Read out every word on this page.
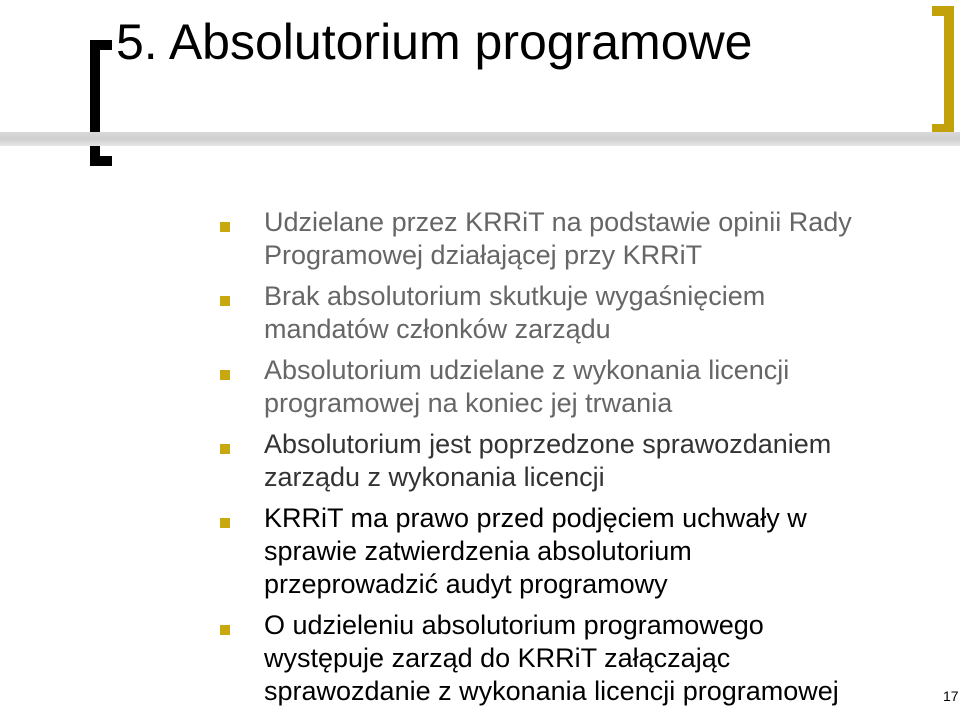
5. Absolutorium programowe
Udzielane przez KRRiT na podstawie opinii Rady
Programowej działającej przy KRRiT
Brak absolutorium skutkuje wygaśnięciem
mandatów członków zarządu
Absolutorium udzielane z wykonania licencji
programowej na koniec jej trwania
Absolutorium jest poprzedzone sprawozdaniem
zarządu z wykonania licencji
KRRiT ma prawo przed podjęciem uchwały w
sprawie zatwierdzenia absolutorium
przeprowadzić audyt programowy
O udzieleniu absolutorium programowego
występuje zarząd do KRRiT załączając
sprawozdanie z wykonania licencji programowej	17
